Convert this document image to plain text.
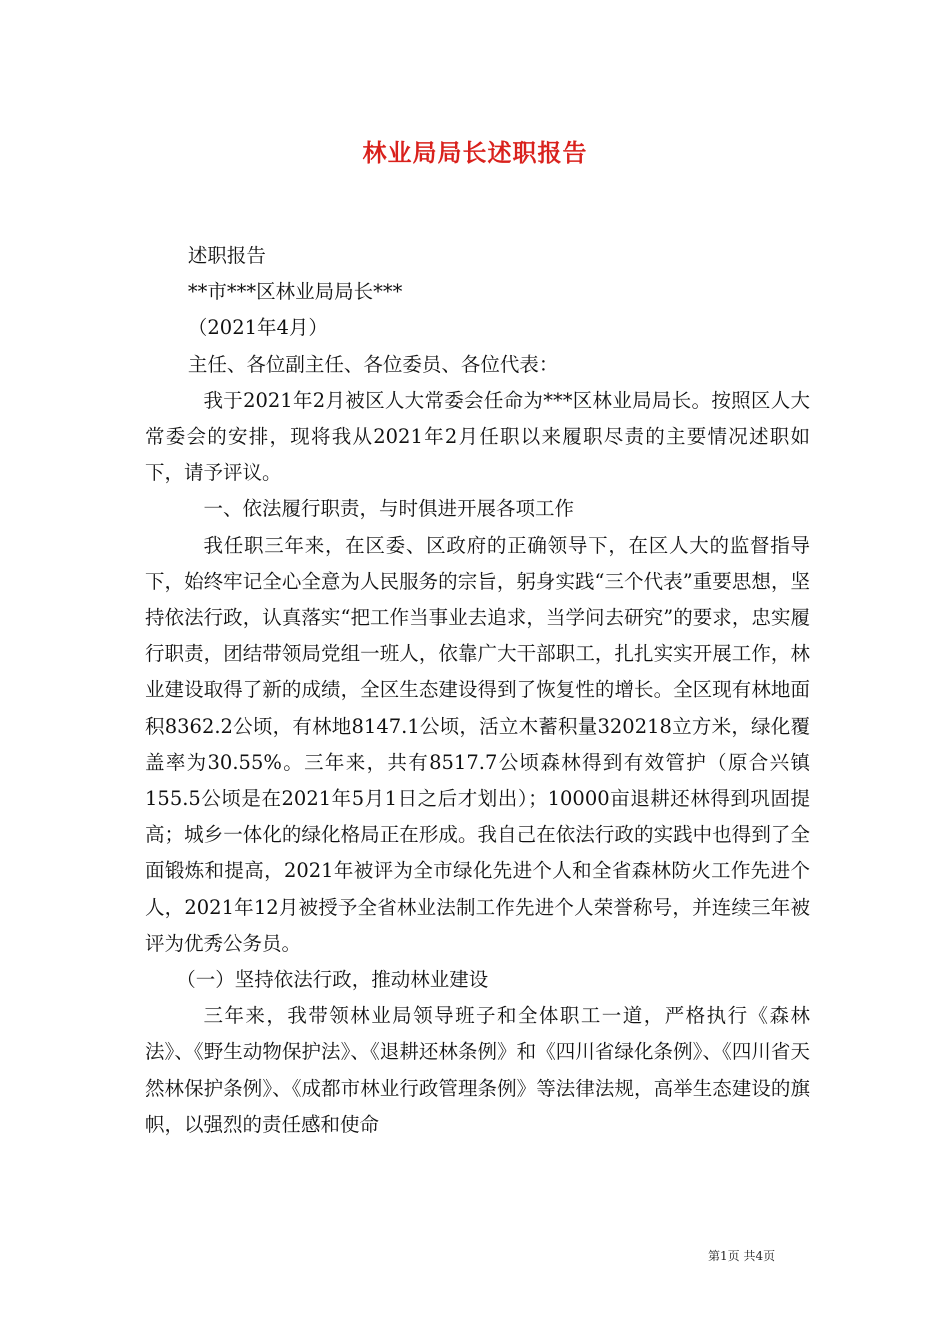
林业局局长述职报告

述职报告

**市***区林业局局长***

（2021年4月）

主任、各位副主任、各位委员、各位代表：

我于2021年2月被区人大常委会任命为***区林业局局长。按照区人大常委会的安排，现将我从2021年2月任职以来履职尽责的主要情况述职如下，请予评议。

一、依法履行职责，与时俱进开展各项工作

我任职三年来，在区委、区政府的正确领导下，在区人大的监督指导下，始终牢记全心全意为人民服务的宗旨，躬身实践“三个代表”重要思想，坚持依法行政，认真落实“把工作当事业去追求，当学问去研究”的要求，忠实履行职责，团结带领局党组一班人，依靠广大干部职工，扎扎实实开展工作，林业建设取得了新的成绩，全区生态建设得到了恢复性的增长。全区现有林地面积8362.2公顷，有林地8147.1公顷，活立木蓄积量320218立方米，绿化覆盖率为30.55%。三年来，共有8517.7公顷森林得到有效管护（原合兴镇155.5公顷是在2021年5月1日之后才划出）；10000亩退耕还林得到巩固提高；城乡一体化的绿化格局正在形成。我自己在依法行政的实践中也得到了全面锻炼和提高，2021年被评为全市绿化先进个人和全省森林防火工作先进个人，2021年12月被授予全省林业法制工作先进个人荣誉称号，并连续三年被评为优秀公务员。

（一）坚持依法行政，推动林业建设

三年来，我带领林业局领导班子和全体职工一道，严格执行《森林法》、《野生动物保护法》、《退耕还林条例》和《四川省绿化条例》、《四川省天然林保护条例》、《成都市林业行政管理条例》等法律法规，高举生态建设的旗帜，以强烈的责任感和使命

第1页 共4页
